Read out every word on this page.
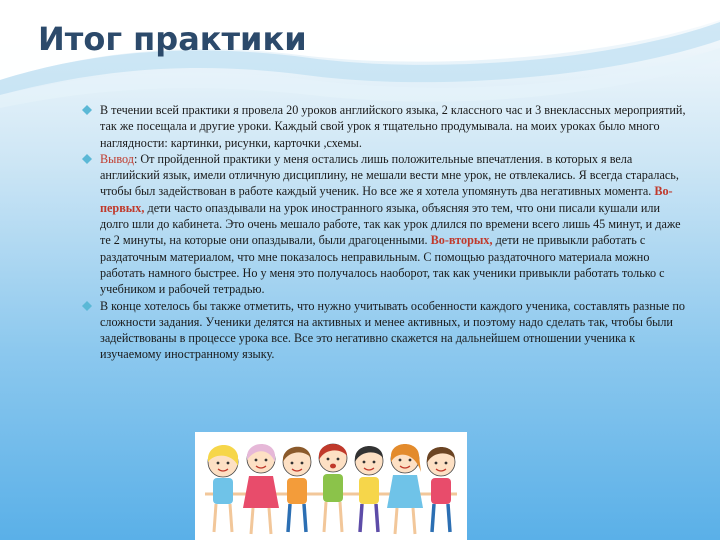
Итог практики

В течении всей практики я провела 20 уроков английского языка, 2 классного час и 3 внеклассных мероприятий, так же посещала и другие уроки. Каждый свой урок я тщательно продумывала. на моих уроках было много наглядности: картинки, рисунки, карточки ,схемы.

Вывод: От пройденной практики у меня остались лишь положительные впечатления. в которых я вела английский язык, имели отличную дисциплину, не мешали вести мне урок, не отвлекались. Я всегда старалась, чтобы был задействован в работе каждый ученик. Но все же я хотела упомянуть два негативных момента. Во-первых, дети часто опаздывали на урок иностранного языка, объясняя это тем, что они писали кушали или долго шли до кабинета. Это очень мешало работе, так как урок длился по времени всего лишь 45 минут, и даже те 2 минуты, на которые они опаздывали, были драгоценными. Во-вторых, дети не привыкли работать с раздаточным материалом, что мне показалось неправильным. С помощью раздаточного материала можно работать намного быстрее. Но у меня это получалось наоборот, так как ученики привыкли работать только с учебником и рабочей тетрадью.

В конце хотелось бы также отметить, что нужно учитывать особенности каждого ученика, составлять разные по сложности задания. Ученики делятся на активных и менее активных, и поэтому надо сделать так, чтобы были задействованы в процессе урока все. Все это негативно скажется на дальнейшем отношении ученика к изучаемому иностранному языку.
